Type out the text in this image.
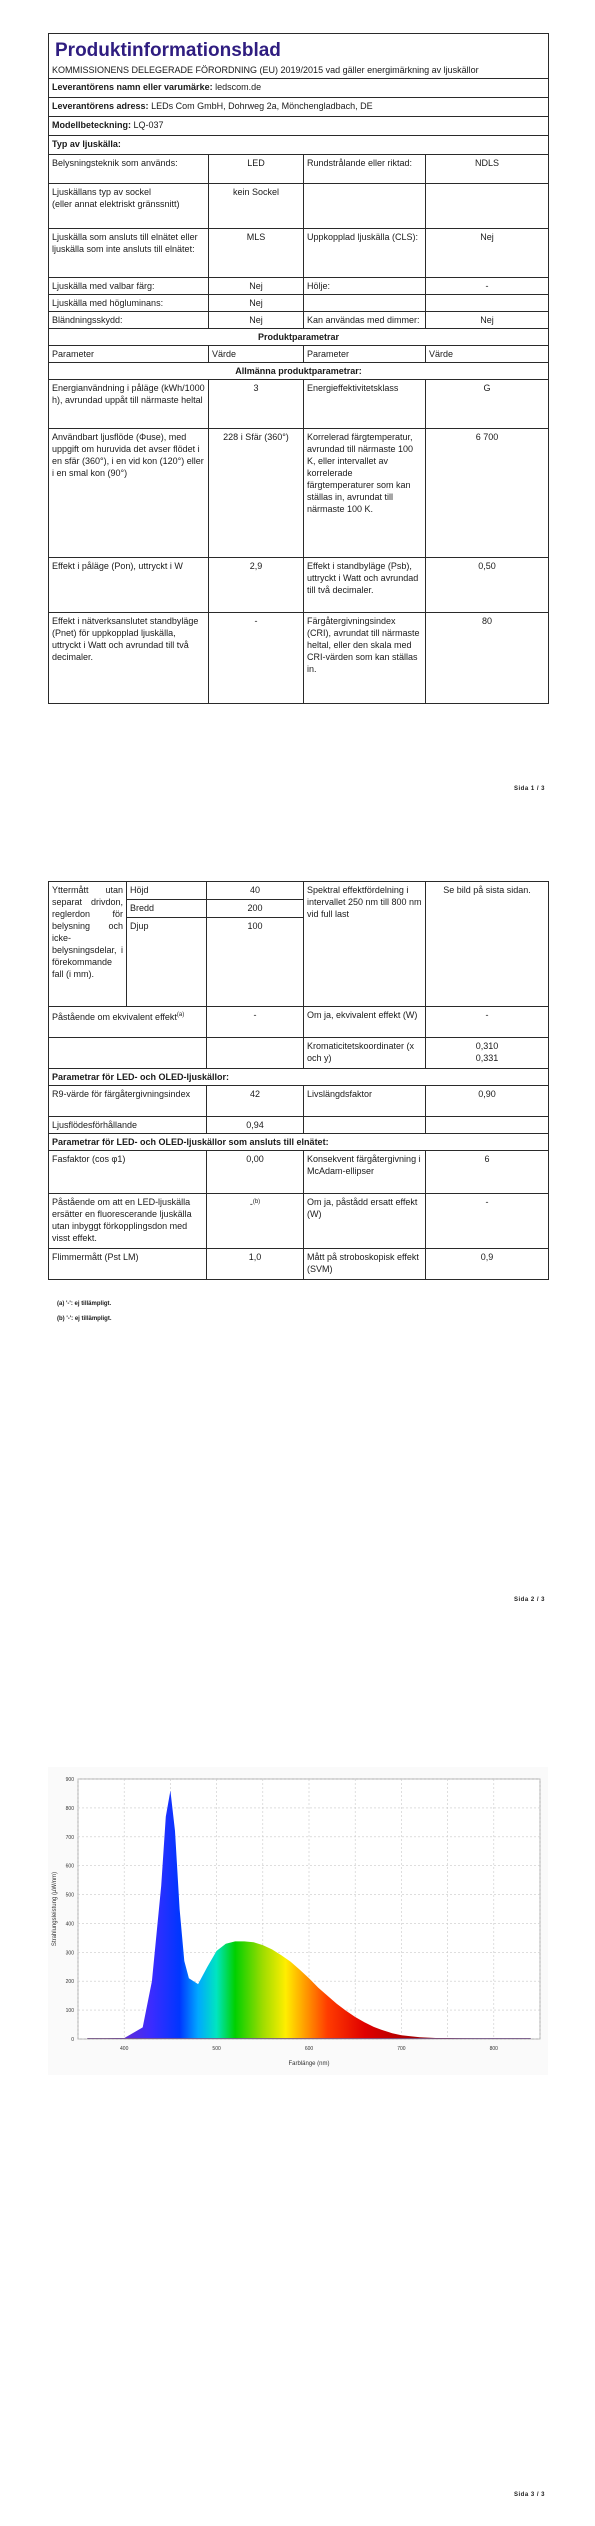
Produktinformationsblad
KOMMISSIONENS DELEGERADE FÖRORDNING (EU) 2019/2015 vad gäller energimärkning av ljuskällor			

Leverantörens namn eller varumärke: ledscom.de			
Leverantörens adress: LEDs Com GmbH, Dohrweg 2a, Mönchengladbach, DE			
Modellbeteckning: LQ-037			
Typ av ljuskälla:			
Belysningsteknik som används:	LED	Rundstrålande eller riktad:	NDLS

Ljuskällans typ av sockel
(eller annat elektriskt gränssnitt)	kein Sockel		
Ljuskälla som ansluts till elnätet eller ljuskälla som inte ansluts till elnätet:	MLS	Uppkopplad ljuskälla (CLS):	Nej
Ljuskälla med valbar färg:	Nej	Hölje:	-
Ljuskälla med högluminans:	Nej		
Bländningsskydd:	Nej	Kan användas med dimmer:	Nej
Produktparametrar			
Parameter	Värde	Parameter	Värde
Allmänna produktparametrar:			
Energianvändning i påläge (kWh/1000 h), avrundad uppåt till närmaste heltal	3	Energieffektivitetsklass	G
Användbart ljusflöde (Φuse), med uppgift om huruvida det avser flödet i en sfär (360°), i en vid kon (120°) eller i en smal kon (90°)	228 i Sfär (360°)	Korrelerad färgtemperatur, avrundad till närmaste 100 K, eller intervallet av korrelerade färgtemperaturer som kan ställas in, avrundat till närmaste 100 K.	6 700
Effekt i påläge (Pon), uttryckt i W	2,9	Effekt i standbyläge (Psb), uttryckt i Watt och avrundad till två decimaler.	0,50
Effekt i nätverksanslutet standbyläge (Pnet) för uppkopplad ljuskälla, uttryckt i Watt och avrundad till två decimaler.	-	Färgåtergivningsindex (CRI), avrundat till närmaste heltal, eller den skala med CRI-värden som kan ställas in.	80
Sida 1 / 3
Yttermått utan separat drivdon, reglerdon för belysning och icke-belysningsdelar, i förekommande fall (i mm).	Höjd	40	Spektral effektfördelning i intervallet 250 nm till 800 nm vid full last	Se bild på sista sidan.
	Bredd	200		
	Djup	100		
Påstående om ekvivalent effekt$^{(a)}$		-	Om ja, ekvivalent effekt (W)	-
			Kromaticitetskoordinater (x och y)	0,310
0,331

Parametrar för LED- och OLED-ljuskällor:				
R9-värde för färgåtergivningsindex		42	Livslängdsfaktor	0,90
Ljusflödesförhållande		0,94		
Parametrar för LED- och OLED-ljuskällor som ansluts till elnätet:				
Fasfaktor (cos φ1)		0,00	Konsekvent färgåtergivning i McAdam-ellipser	6
Påstående om att en LED-ljuskälla ersätter en fluorescerande ljuskälla utan inbyggt förkopplingsdon med visst effekt.		-$^{(b)}$	Om ja, påstådd ersatt effekt (W)	-
Flimmermått (Pst LM)		1,0	Mått på stroboskopisk effekt (SVM)	0,9
(a) '-': ej tillämpligt.
(b) '-': ej tillämpligt.
Sida 2 / 3
400	500	600	700	800
0
100
200
300
400
500
600
700
800
900
Farblänge (nm)
Strahlungsleistung (µW/nm)
Sida 3 / 3
